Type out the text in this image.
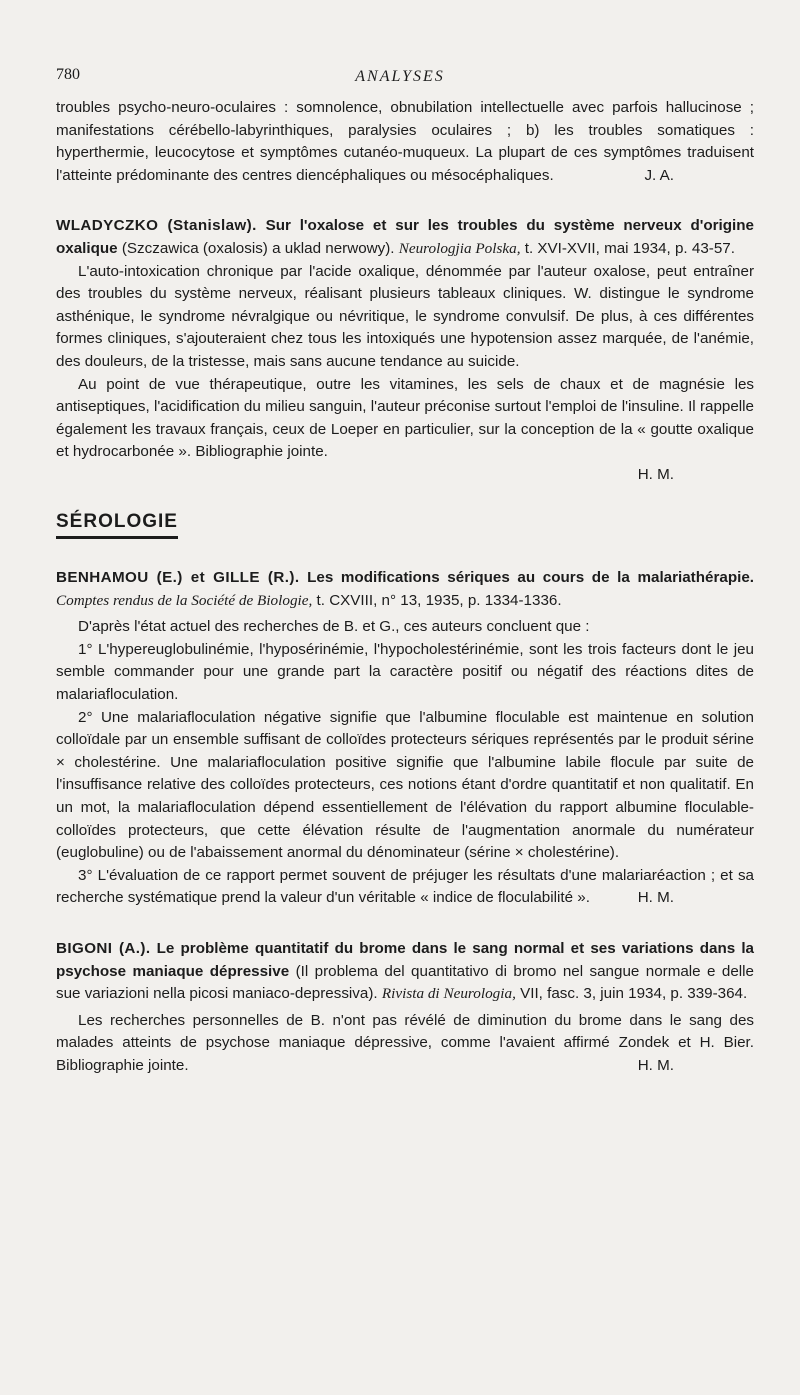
780	ANALYSES

troubles psycho-neuro-oculaires : somnolence, obnubilation intellectuelle avec parfois hallucinose ; manifestations cérébello-labyrinthiques, paralysies oculaires ; b) les troubles somatiques : hyperthermie, leucocytose et symptômes cutanéo-muqueux. La plupart de ces symptômes traduisent l'atteinte prédominante des centres diencéphaliques ou mésocéphaliques.	J. A.

WLADYCZKO (Stanislaw). Sur l'oxalose et sur les troubles du système nerveux d'origine oxalique (Szczawica (oxalosis) a uklad nerwowy). Neurologjia Polska, t. XVI-XVII, mai 1934, p. 43-57.

L'auto-intoxication chronique par l'acide oxalique, dénommée par l'auteur oxalose, peut entraîner des troubles du système nerveux, réalisant plusieurs tableaux cliniques. W. distingue le syndrome asthénique, le syndrome névralgique ou névritique, le syndrome convulsif. De plus, à ces différentes formes cliniques, s'ajouteraient chez tous les intoxiqués une hypotension assez marquée, de l'anémie, des douleurs, de la tristesse, mais sans aucune tendance au suicide.

Au point de vue thérapeutique, outre les vitamines, les sels de chaux et de magnésie les antiseptiques, l'acidification du milieu sanguin, l'auteur préconise surtout l'emploi de l'insuline. Il rappelle également les travaux français, ceux de Loeper en particulier, sur la conception de la « goutte oxalique et hydrocarbonée ». Bibliographie jointe.

H. M.

SÉROLOGIE

BENHAMOU (E.) et GILLE (R.). Les modifications sériques au cours de la malariathérapie. Comptes rendus de la Société de Biologie, t. CXVIII, n° 13, 1935, p. 1334-1336.

D'après l'état actuel des recherches de B. et G., ces auteurs concluent que :

1° L'hypereuglobulinémie, l'hyposérinémie, l'hypocholestérinémie, sont les trois facteurs dont le jeu semble commander pour une grande part la caractère positif ou négatif des réactions dites de malariafloculation.

2° Une malariafloculation négative signifie que l'albumine floculable est maintenue en solution colloïdale par un ensemble suffisant de colloïdes protecteurs sériques représentés par le produit sérine × cholestérine. Une malariafloculation positive signifie que l'albumine labile flocule par suite de l'insuffisance relative des colloïdes protecteurs, ces notions étant d'ordre quantitatif et non qualitatif. En un mot, la malariafloculation dépend essentiellement de l'élévation du rapport albumine floculable-colloïdes protecteurs, que cette élévation résulte de l'augmentation anormale du numérateur (euglobuline) ou de l'abaissement anormal du dénominateur (sérine × cholestérine).

3° L'évaluation de ce rapport permet souvent de préjuger les résultats d'une malariaréaction ; et sa recherche systématique prend la valeur d'un véritable « indice de floculabilité ».	H. M.

BIGONI (A.). Le problème quantitatif du brome dans le sang normal et ses variations dans la psychose maniaque dépressive (Il problema del quantitativo di bromo nel sangue normale e delle sue variazioni nella picosi maniaco-depressiva). Rivista di Neurologia, VII, fasc. 3, juin 1934, p. 339-364.

Les recherches personnelles de B. n'ont pas révélé de diminution du brome dans le sang des malades atteints de psychose maniaque dépressive, comme l'avaient affirmé Zondek et H. Bier. Bibliographie jointe.	H. M.
